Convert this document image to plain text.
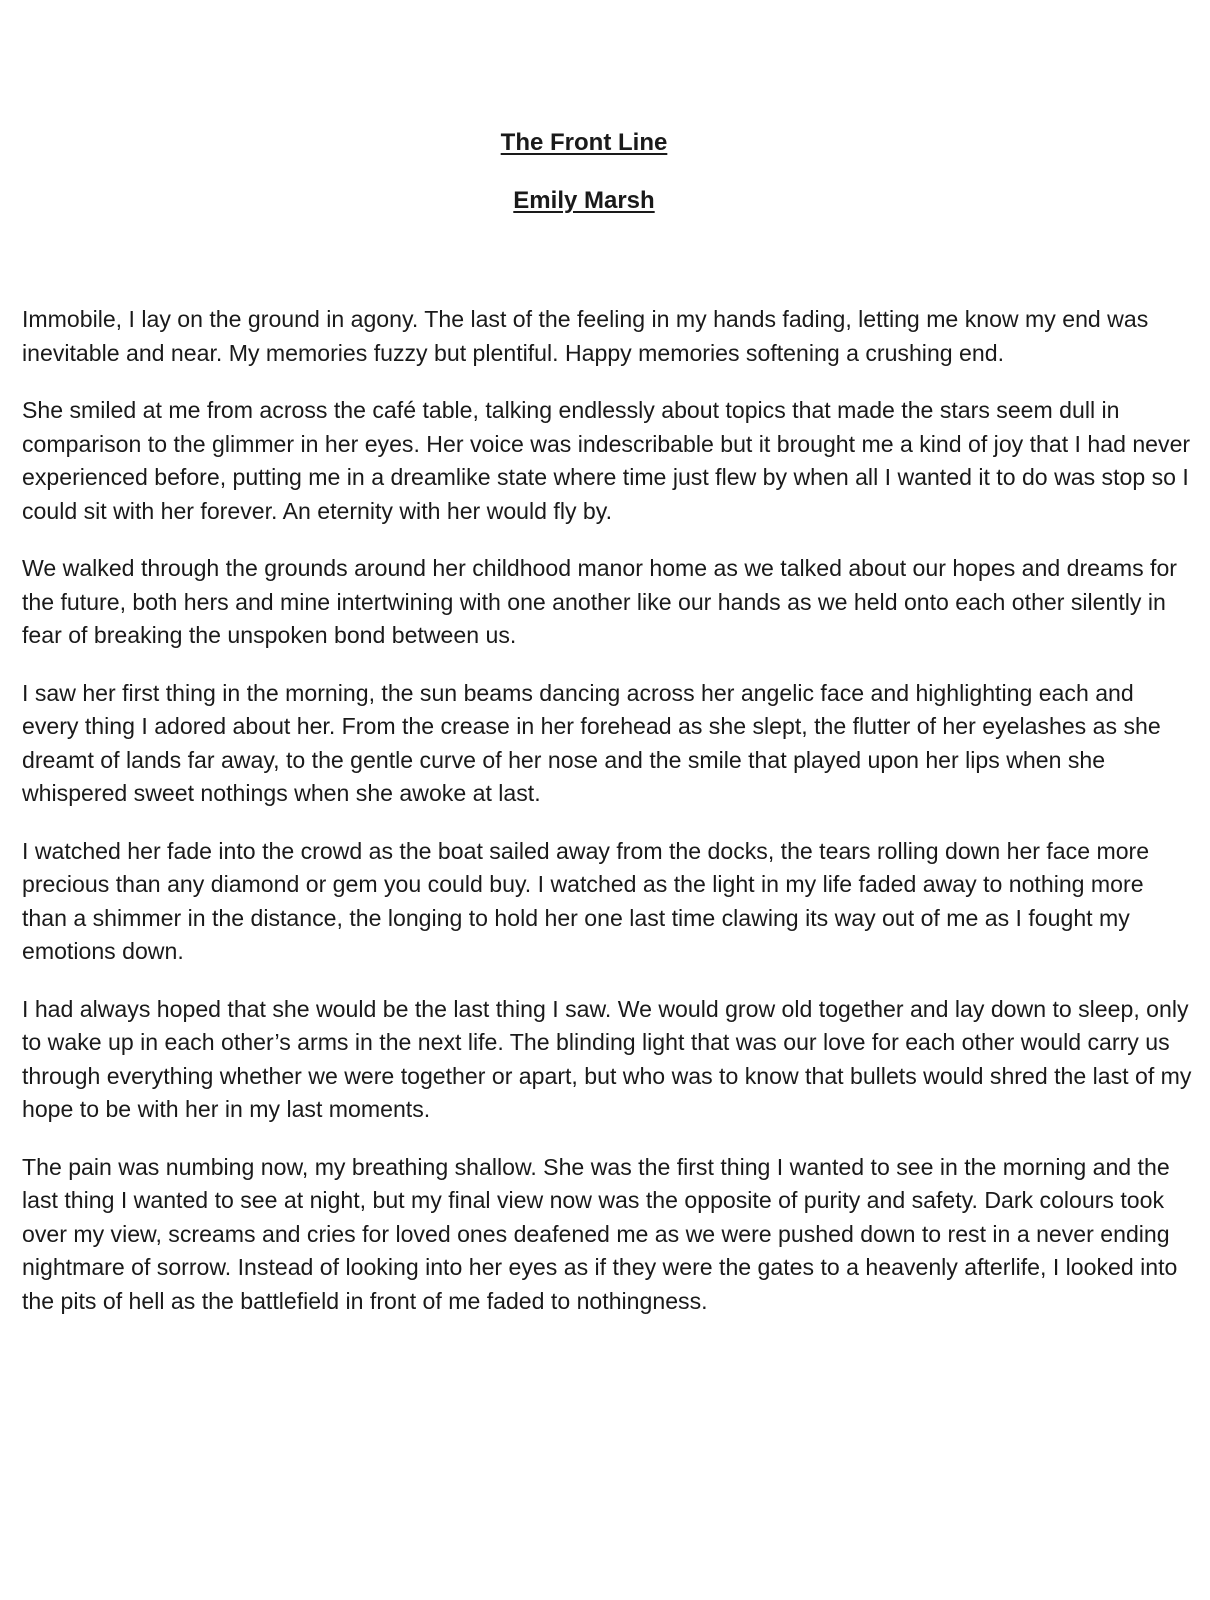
The Front Line
Emily Marsh

Immobile, I lay on the ground in agony. The last of the feeling in my hands fading, letting me know my end was inevitable and near. My memories fuzzy but plentiful. Happy memories softening a crushing end.

She smiled at me from across the café table, talking endlessly about topics that made the stars seem dull in comparison to the glimmer in her eyes. Her voice was indescribable but it brought me a kind of joy that I had never experienced before, putting me in a dreamlike state where time just flew by when all I wanted it to do was stop so I could sit with her forever. An eternity with her would fly by.

We walked through the grounds around her childhood manor home as we talked about our hopes and dreams for the future, both hers and mine intertwining with one another like our hands as we held onto each other silently in fear of breaking the unspoken bond between us.

I saw her first thing in the morning, the sun beams dancing across her angelic face and highlighting each and every thing I adored about her. From the crease in her forehead as she slept, the flutter of her eyelashes as she dreamt of lands far away, to the gentle curve of her nose and the smile that played upon her lips when she whispered sweet nothings when she awoke at last.

I watched her fade into the crowd as the boat sailed away from the docks, the tears rolling down her face more precious than any diamond or gem you could buy. I watched as the light in my life faded away to nothing more than a shimmer in the distance, the longing to hold her one last time clawing its way out of me as I fought my emotions down.

I had always hoped that she would be the last thing I saw. We would grow old together and lay down to sleep, only to wake up in each other’s arms in the next life. The blinding light that was our love for each other would carry us through everything whether we were together or apart, but who was to know that bullets would shred the last of my hope to be with her in my last moments.

The pain was numbing now, my breathing shallow. She was the first thing I wanted to see in the morning and the last thing I wanted to see at night, but my final view now was the opposite of purity and safety. Dark colours took over my view, screams and cries for loved ones deafened me as we were pushed down to rest in a never ending nightmare of sorrow. Instead of looking into her eyes as if they were the gates to a heavenly afterlife, I looked into the pits of hell as the battlefield in front of me faded to nothingness.
